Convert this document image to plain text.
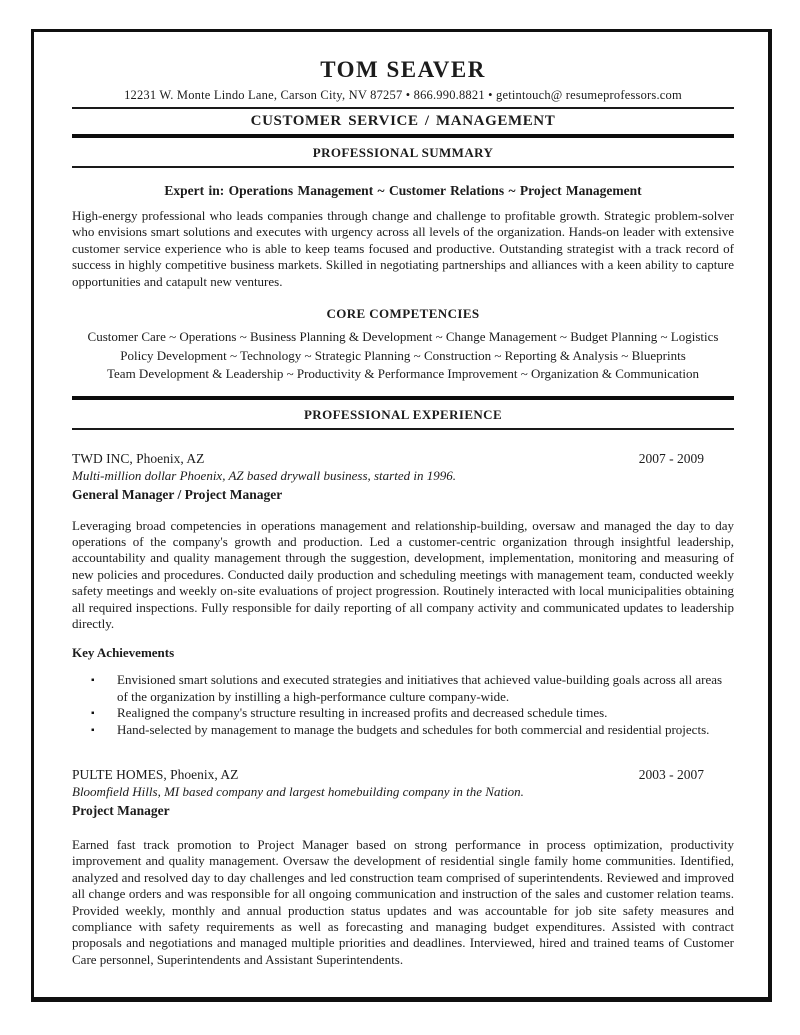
TOM SEAVER
12231 W. Monte Lindo Lane, Carson City, NV 87257 • 866.990.8821 • getintouch@ resumeprofessors.com
CUSTOMER SERVICE / MANAGEMENT
PROFESSIONAL SUMMARY
Expert in: Operations Management ~ Customer Relations ~ Project Management

High-energy professional who leads companies through change and challenge to profitable growth. Strategic problem-solver who envisions smart solutions and executes with urgency across all levels of the organization. Hands-on leader with extensive customer service experience who is able to keep teams focused and productive. Outstanding strategist with a track record of success in highly competitive business markets. Skilled in negotiating partnerships and alliances with a keen ability to capture opportunities and catapult new ventures.

CORE COMPETENCIES
Customer Care ~ Operations ~ Business Planning & Development ~ Change Management ~ Budget Planning ~ Logistics
Policy Development ~ Technology ~ Strategic Planning ~ Construction ~ Reporting & Analysis ~ Blueprints
Team Development & Leadership ~ Productivity & Performance Improvement ~ Organization & Communication
PROFESSIONAL EXPERIENCE
TWD INC, Phoenix, AZ	2007 - 2009
Multi-million dollar Phoenix, AZ based drywall business, started in 1996.
General Manager / Project Manager

Leveraging broad competencies in operations management and relationship-building, oversaw and managed the day to day operations of the company's growth and production. Led a customer-centric organization through insightful leadership, accountability and quality management through the suggestion, development, implementation, monitoring and measuring of new policies and procedures. Conducted daily production and scheduling meetings with management team, conducted weekly safety meetings and weekly on-site evaluations of project progression. Routinely interacted with local municipalities obtaining all required inspections. Fully responsible for daily reporting of all company activity and communicated updates to leadership directly.

Key Achievements
▪ Envisioned smart solutions and executed strategies and initiatives that achieved value-building goals across all areas of the organization by instilling a high-performance culture company-wide.
▪ Realigned the company's structure resulting in increased profits and decreased schedule times.
▪ Hand-selected by management to manage the budgets and schedules for both commercial and residential projects.
PULTE HOMES, Phoenix, AZ	2003 - 2007
Bloomfield Hills, MI based company and largest homebuilding company in the Nation.
Project Manager

Earned fast track promotion to Project Manager based on strong performance in process optimization, productivity improvement and quality management. Oversaw the development of residential single family home communities. Identified, analyzed and resolved day to day challenges and led construction team comprised of superintendents. Reviewed and improved all change orders and was responsible for all ongoing communication and instruction of the sales and customer relation teams. Provided weekly, monthly and annual production status updates and was accountable for job site safety measures and compliance with safety requirements as well as forecasting and managing budget expenditures. Assisted with contract proposals and negotiations and managed multiple priorities and deadlines. Interviewed, hired and trained teams of Customer Care personnel, Superintendents and Assistant Superintendents.
